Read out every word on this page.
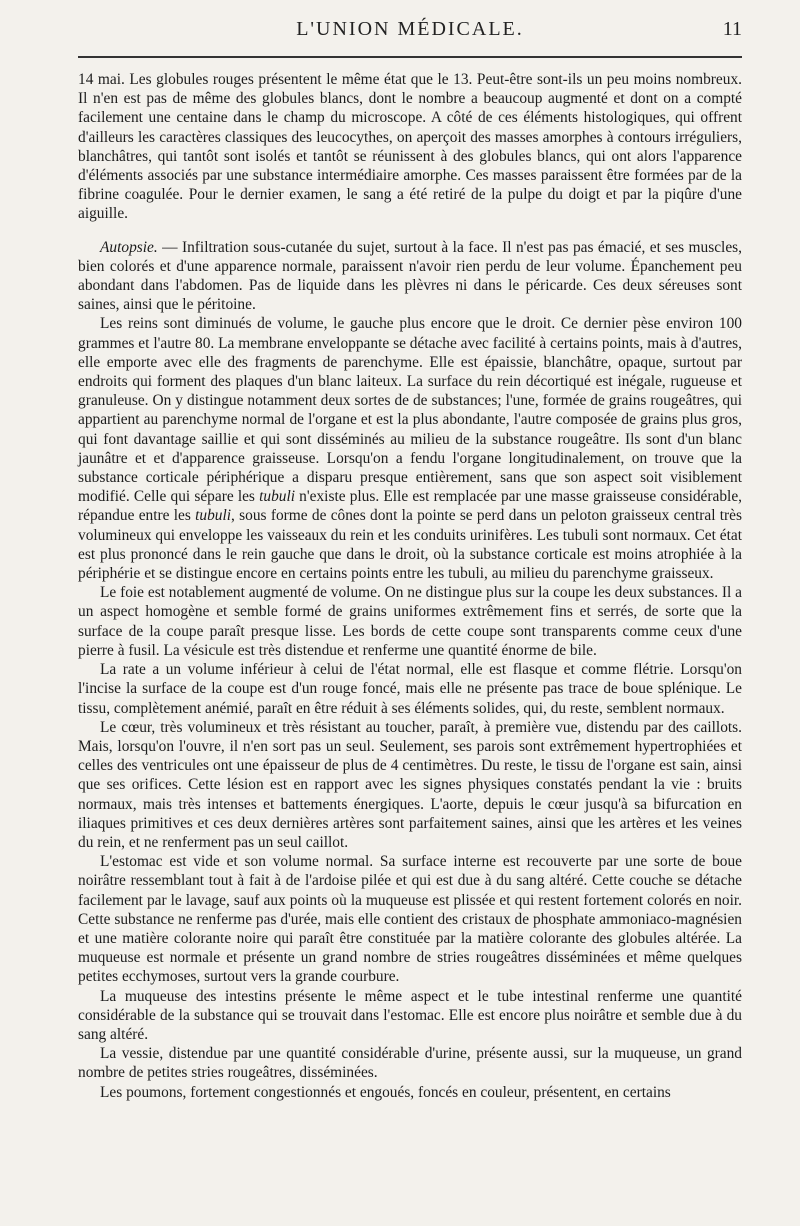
L'UNION MÉDICALE.	11

14 mai. Les globules rouges présentent le même état que le 13. Peut-être sont-ils un peu moins nombreux. Il n'en est pas de même des globules blancs, dont le nombre a beaucoup augmenté et dont on a compté facilement une centaine dans le champ du microscope. A côté de ces éléments histologiques, qui offrent d'ailleurs les caractères classiques des leucocythes, on aperçoit des masses amorphes à contours irréguliers, blanchâtres, qui tantôt sont isolés et tantôt se réunissent à des globules blancs, qui ont alors l'apparence d'éléments associés par une substance intermédiaire amorphe. Ces masses paraissent être formées par de la fibrine coagulée. Pour le dernier examen, le sang a été retiré de la pulpe du doigt et par la piqûre d'une aiguille.

Autopsie. — Infiltration sous-cutanée du sujet, surtout à la face. Il n'est pas pas émacié, et ses muscles, bien colorés et d'une apparence normale, paraissent n'avoir rien perdu de leur volume. Épanchement peu abondant dans l'abdomen. Pas de liquide dans les plèvres ni dans le péricarde. Ces deux séreuses sont saines, ainsi que le péritoine.

Les reins sont diminués de volume, le gauche plus encore que le droit. Ce dernier pèse environ 100 grammes et l'autre 80. La membrane enveloppante se détache avec facilité à certains points, mais à d'autres, elle emporte avec elle des fragments de parenchyme. Elle est épaissie, blanchâtre, opaque, surtout par endroits qui forment des plaques d'un blanc laiteux. La surface du rein décortiqué est inégale, rugueuse et granuleuse. On y distingue notamment deux sortes de de substances; l'une, formée de grains rougeâtres, qui appartient au parenchyme normal de l'organe et est la plus abondante, l'autre composée de grains plus gros, qui font davantage saillie et qui sont disséminés au milieu de la substance rougeâtre. Ils sont d'un blanc jaunâtre et et d'apparence graisseuse. Lorsqu'on a fendu l'organe longitudinalement, on trouve que la substance corticale périphérique a disparu presque entièrement, sans que son aspect soit visiblement modifié. Celle qui sépare les tubuli n'existe plus. Elle est remplacée par une masse graisseuse considérable, répandue entre les tubuli, sous forme de cônes dont la pointe se perd dans un peloton graisseux central très volumineux qui enveloppe les vaisseaux du rein et les conduits urinifères. Les tubuli sont normaux. Cet état est plus prononcé dans le rein gauche que dans le droit, où la substance corticale est moins atrophiée à la périphérie et se distingue encore en certains points entre les tubuli, au milieu du parenchyme graisseux.

Le foie est notablement augmenté de volume. On ne distingue plus sur la coupe les deux substances. Il a un aspect homogène et semble formé de grains uniformes extrêmement fins et serrés, de sorte que la surface de la coupe paraît presque lisse. Les bords de cette coupe sont transparents comme ceux d'une pierre à fusil. La vésicule est très distendue et renferme une quantité énorme de bile.

La rate a un volume inférieur à celui de l'état normal, elle est flasque et comme flétrie. Lorsqu'on l'incise la surface de la coupe est d'un rouge foncé, mais elle ne présente pas trace de boue splénique. Le tissu, complètement anémié, paraît en être réduit à ses éléments solides, qui, du reste, semblent normaux.

Le cœur, très volumineux et très résistant au toucher, paraît, à première vue, distendu par des caillots. Mais, lorsqu'on l'ouvre, il n'en sort pas un seul. Seulement, ses parois sont extrêmement hypertrophiées et celles des ventricules ont une épaisseur de plus de 4 centimètres. Du reste, le tissu de l'organe est sain, ainsi que ses orifices. Cette lésion est en rapport avec les signes physiques constatés pendant la vie : bruits normaux, mais très intenses et battements énergiques. L'aorte, depuis le cœur jusqu'à sa bifurcation en iliaques primitives et ces deux dernières artères sont parfaitement saines, ainsi que les artères et les veines du rein, et ne renferment pas un seul caillot.

L'estomac est vide et son volume normal. Sa surface interne est recouverte par une sorte de boue noirâtre ressemblant tout à fait à de l'ardoise pilée et qui est due à du sang altéré. Cette couche se détache facilement par le lavage, sauf aux points où la muqueuse est plissée et qui restent fortement colorés en noir. Cette substance ne renferme pas d'urée, mais elle contient des cristaux de phosphate ammoniaco-magnésien et une matière colorante noire qui paraît être constituée par la matière colorante des globules altérée. La muqueuse est normale et présente un grand nombre de stries rougeâtres disséminées et même quelques petites ecchymoses, surtout vers la grande courbure.

La muqueuse des intestins présente le même aspect et le tube intestinal renferme une quantité considérable de la substance qui se trouvait dans l'estomac. Elle est encore plus noirâtre et semble due à du sang altéré.

La vessie, distendue par une quantité considérable d'urine, présente aussi, sur la muqueuse, un grand nombre de petites stries rougeâtres, disséminées.

Les poumons, fortement congestionnés et engoués, foncés en couleur, présentent, en certains
